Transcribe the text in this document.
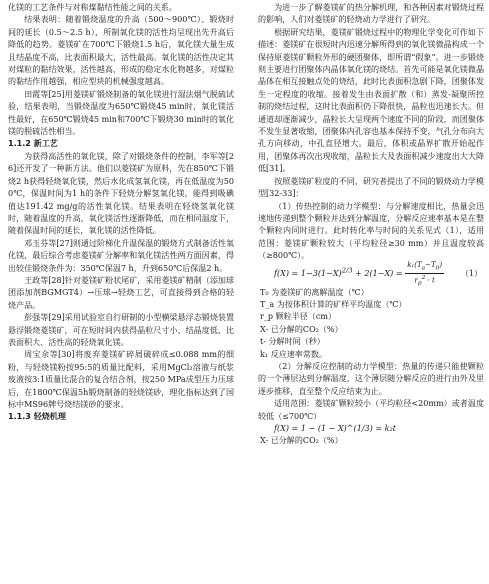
化镁的工艺条件与对称煤黏结性能之间的关系。

结果表明：随着锻烧温度的升高（500～900℃）、锻烧时间的延长（0.5～2.5 h），所制氧化镁的活性均呈现出先升高后降低的趋势。菱镁矿在700℃下锻烧1.5 h后，氧化镁大量生成且结晶度不高，比表面积最大，活性最高。氧化镁的活性决定其对煤粒的黏结效果，活性越高，形成的稳定水化物越多，对煤粒的黏结作用越强，相应型块的机械强度越高。

田霞等[25]用菱镁矿锻烧制备的氧化镁进行湿法烟气脱硫试验，结果表明，当锻烧温度为650℃锻烧45 min时，氧化镁活性最好，在650℃锻烧45 min和700℃下锻烧30 min时的氧化镁的脱硫活性相当。

1.1.2 新工艺

为获得高活性的氧化镁，除了对锻烧条件的控制，李军等[26]还开发了一种新方法。他们以菱镁矿为原料，先在850℃下锻烧2 h获得轻烧氧化镁，然后水化成氢氧化镁，再在低温度为500℃，保温时间为1 h的条件下轻烧分解氢氧化镁，能得到吸碘值达191.42 mg/g的活性氧化镁。结果表明在轻烧氢氧化镁时，随着温度的升高，氧化镁活性逐渐降低，而在相同温度下，随着保温时间的延长，氧化镁的活性降低。

邓玉芬等[27]则通过阶梯化升温保温的锻烧方式制备活性氧化镁，最后综合考虑菱镁矿分解率和氧化镁活性两方面因素，得出较佳锻烧条件为：350℃保温7 h，升到650℃后保温2 h。

王政等[28]针对菱镁矿粉状尾矿，采用菱镁矿精制（添加球团添加剂BGMGT4）→压球→轻烧工艺，可直接得到合格的轻烧产品。

彭强等[29]采用试验室自行研制的小型横梁悬浮态锻烧装置悬浮锻烧菱镁矿，可在短时间内获得晶粒尺寸小、结晶度低、比表面积大、活性高的轻烧氧化镁。

周宝余等[30]将废弃菱镁矿碎屑破碎成≤0.088 mm的细粉，与轻烧镁粉按95:5的质量比配料，采用MgCl₂溶液与纸浆废液按3:1质量比混合的复合结合剂，按250 MPa成型压力压球后，在1800℃保温5h锻烧制备的轻烧镁砂，理化指标达到了国标中MS96牌号烧结镁砂的要求。

1.1.3 轻烧机理

为进一步了解菱镁矿的热分解机理，和各种因素对锻烧过程的影响，人们对菱镁矿的轻烧动力学进行了研究。

根据研究结果，菱镁矿锻烧过程中的物理化学变化可作如下描述：菱镁矿在很短时内迅速分解所得到的氧化镁微晶构成一个保持原菱镁矿颗粒外形的硬团聚体，即所谓“假象”。进一步锻烧则主要进行团聚体内晶体氧化镁的烧结。首先可能是氧化镁微晶晶体在相互接触点处的烧结，此时比表面积急剧下降，团聚体发生一定程度的收缩。接着发生由表面扩散（和）蒸发-凝聚所控制的烧结过程，这时比表面积仍下降很快，晶粒也迅速长大。但通道却逐渐减少，晶粒长大呈现两个速度不同的阶段，而团聚体不发生显著收缩，团聚体内孔容也基本保持不变，气孔分布向大孔方向移动，中孔直径增大。最后，体积或晶界扩散开始起作用，团聚体再次出现收缩，晶粒长大及表面积减少速度出大大降低[31]。

按照菱镁矿粒度的不同，研究者提出了不同的锻烧动力学模型[32-33]：

（1）传热控制的动力学模型：与分解速度相比，热量会迅速地传递到整个颗粒并达到分解温度，分解反应速率基本是在整个颗粒内同时进行。此时转化率与时间的关系见式（1），适用范围：菱镁矿颗粒较大（平均粒径≥30 mm）并且温度较高（≥800℃）。

$f(X) = 1-3(1-X)^{2/3} + 2(1-X) = \frac{k_1(T_a-T_0)}{r_p^2 \cdot t} (1)$

T₀ 为菱镁矿的离解温度（℃）

T_a 为按体积计算的矿样平均温度（℃）

r_p 颗粒半径（cm）

X- 已分解的CO₂（%）

t- 分解时间（秒）

k₁ 反应速率常数。

（2）分解反应控制的动力学模型：热量的传递只能使颗粒的一个薄层达到分解温度，这个薄层随分解反应的进行由外及里逐步推移，直至整个反应结束为止。

适用范围：菱镁矿颗粒较小（平均粒径<20mm）或者温度较低（≤700℃）

f(X) = 1 − (1 − X)^(1/3) = k₂t

X- 已分解的CO₂（%）
